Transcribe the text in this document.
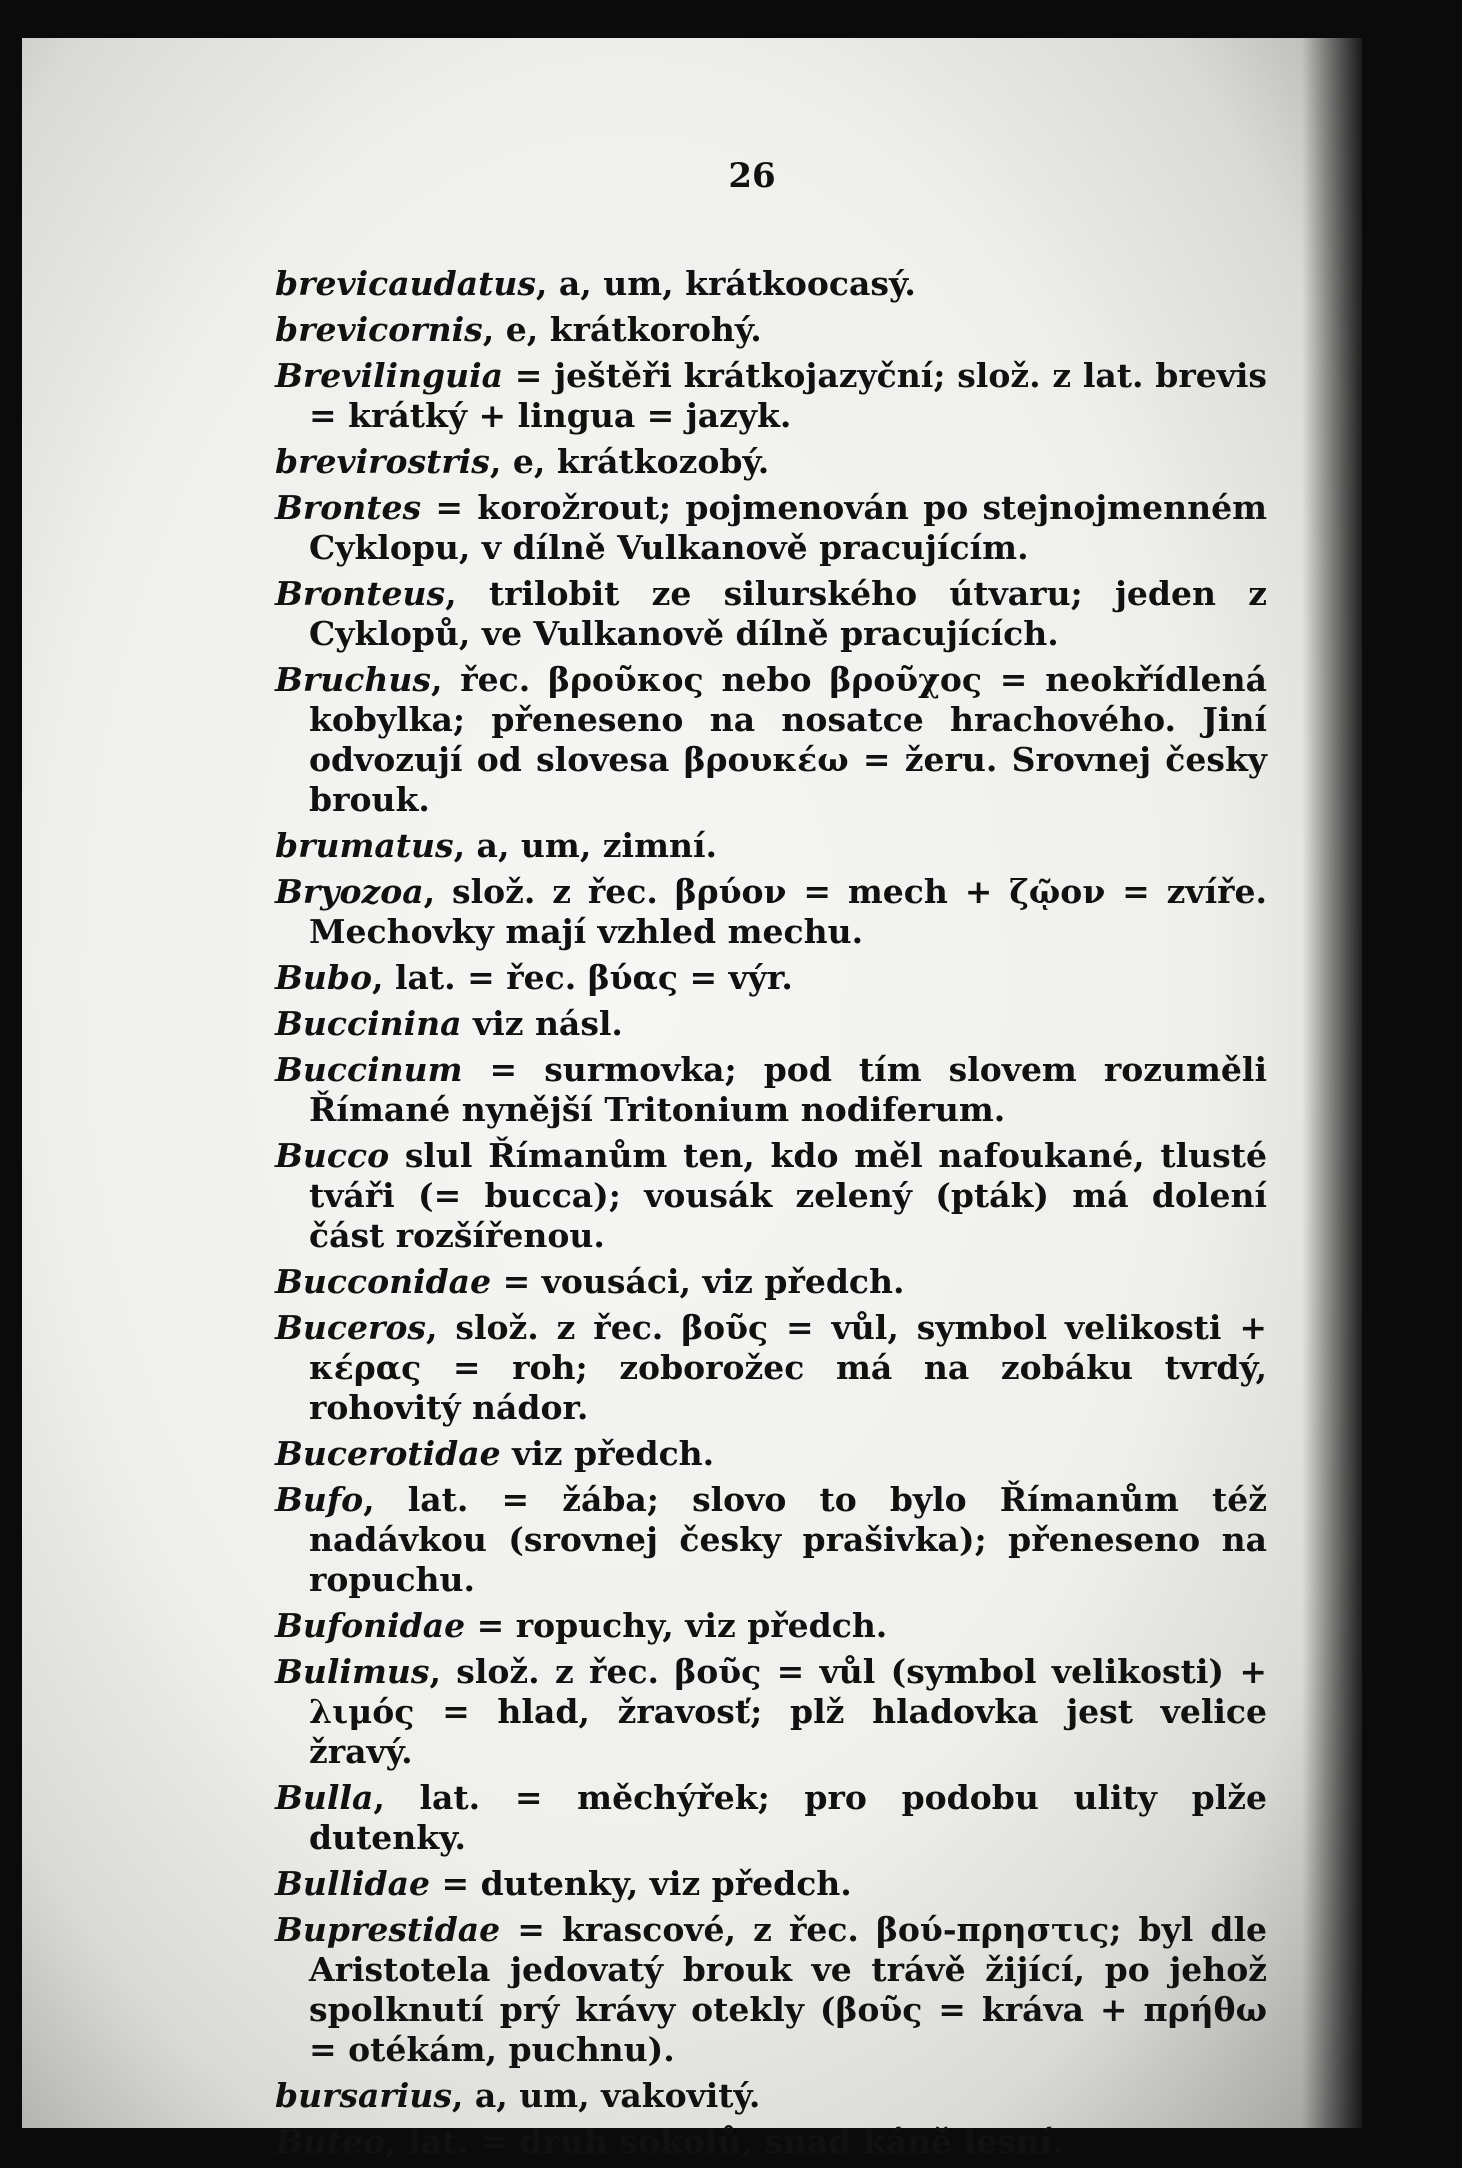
26

brevicaudatus, a, um, krátkoocasý.

brevicornis, e, krátkorohý.

Brevilinguia = ještěři krátkojazyční; slož. z lat. brevis = krátký + lingua = jazyk.

brevirostris, e, krátkozobý.

Brontes = korožrout; pojmenován po stejnojmenném Cyklopu, v dílně Vulkanově pracujícím.

Bronteus, trilobit ze silurského útvaru; jeden z Cyklopů, ve Vulkanově dílně pracujících.

Bruchus, řec. βροῦκος nebo βροῦχος = neokřídlená kobylka; přeneseno na nosatce hrachového. Jiní odvozují od slovesa βρουκέω = žeru. Srovnej česky brouk.

brumatus, a, um, zimní.

Bryozoa, slož. z řec. βρύον = mech + ζῷον = zvíře. Mechovky mají vzhled mechu.

Bubo, lat. = řec. βύας = výr.

Buccinina viz násl.

Buccinum = surmovka; pod tím slovem rozuměli Římané nynější Tritonium nodiferum.

Bucco slul Římanům ten, kdo měl nafoukané, tlusté tváři (= bucca); vousák zelený (pták) má dolení část rozšířenou.

Bucconidae = vousáci, viz předch.

Buceros, slož. z řec. βοῦς = vůl, symbol velikosti + κέρας = roh; zoborožec má na zobáku tvrdý, rohovitý nádor.

Bucerotidae viz předch.

Bufo, lat. = žába; slovo to bylo Římanům též nadávkou (srovnej česky prašivka); přeneseno na ropuchu.

Bufonidae = ropuchy, viz předch.

Bulimus, slož. z řec. βοῦς = vůl (symbol velikosti) + λιμός = hlad, žravosť; plž hladovka jest velice žravý.

Bulla, lat. = měchýřek; pro podobu ulity plže dutenky.

Bullidae = dutenky, viz předch.

Buprestidae = krascové, z řec. βού-πρηστις; byl dle Aristotela jedovatý brouk ve trávě žijící, po jehož spolknutí prý krávy otekly (βοῦς = kráva + πρήθω = otékám, puchnu).

bursarius, a, um, vakovitý.

Buteo, lat. = druh sokolů, snad káně lesní.
